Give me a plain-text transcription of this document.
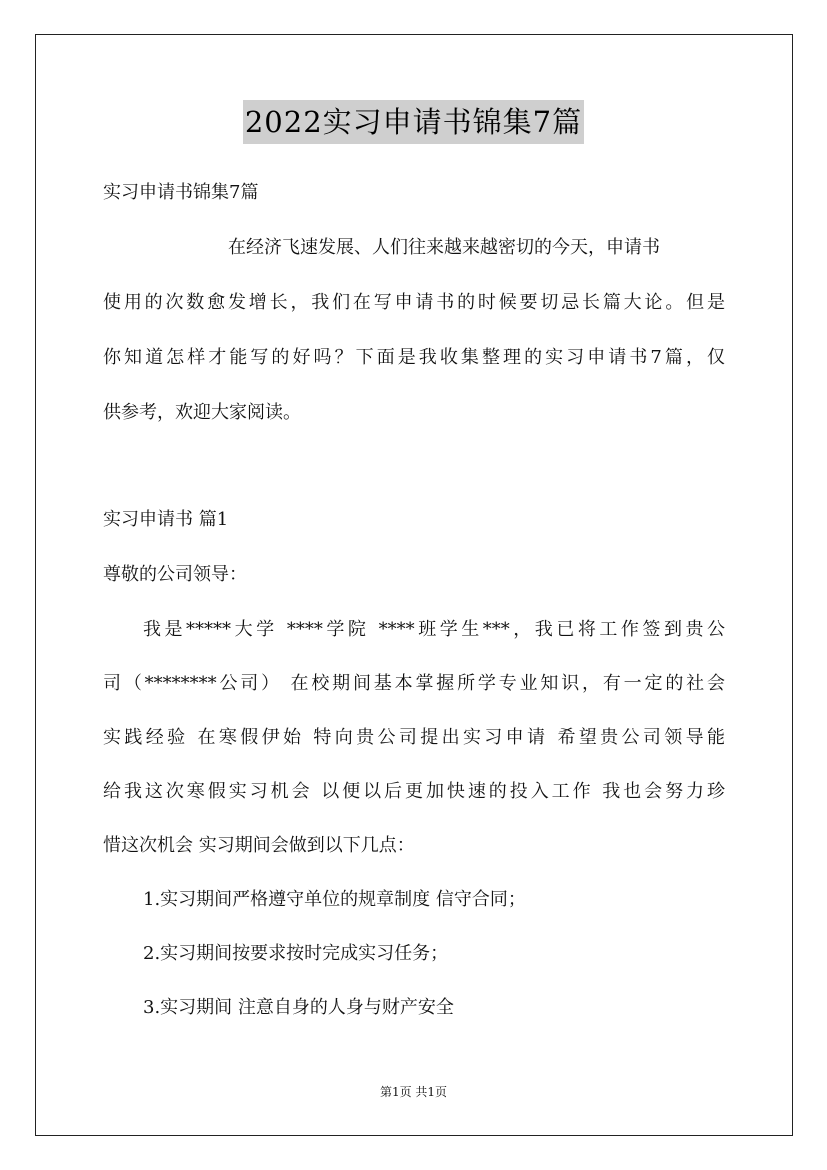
2022实习申请书锦集7篇
实习申请书锦集7篇
在经济飞速发展、人们往来越来越密切的今天，申请书
使用的次数愈发增长，我们在写申请书的时候要切忌长篇大论。但是
你知道怎样才能写的好吗？下面是我收集整理的实习申请书7篇，仅
供参考，欢迎大家阅读。
实习申请书 篇1
尊敬的公司领导：
我是*****大学 ****学院 ****班学生***，我已将工作签到贵公
司（********公司） 在校期间基本掌握所学专业知识，有一定的社会
实践经验 在寒假伊始 特向贵公司提出实习申请 希望贵公司领导能
给我这次寒假实习机会 以便以后更加快速的投入工作 我也会努力珍
惜这次机会 实习期间会做到以下几点：
1.实习期间严格遵守单位的规章制度 信守合同；
2.实习期间按要求按时完成实习任务；
3.实习期间 注意自身的人身与财产安全
第1页 共1页
